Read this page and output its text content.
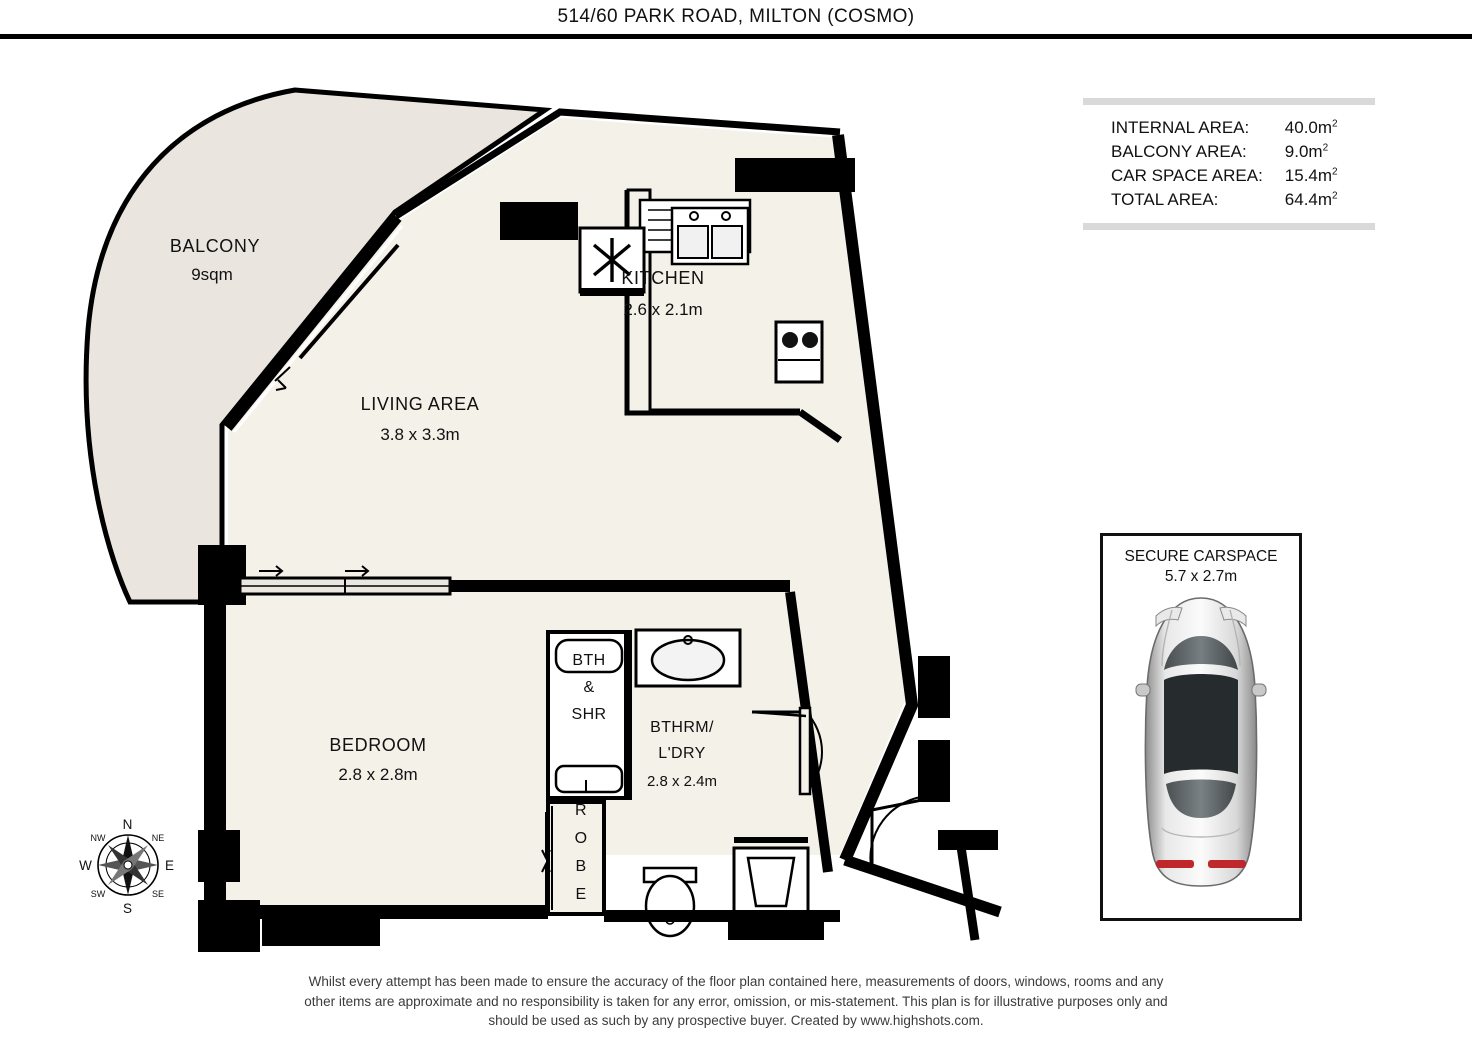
514/60 PARK ROAD, MILTON (COSMO)
BALCONY
9sqm
LIVING AREA
3.8 x 3.3m
KITCHEN
2.6 x 2.1m
BEDROOM
2.8 x 2.8m
BTHRM/
L'DRY
2.8 x 2.4m
BTH
&
SHR
R
O
B
E
N
S
E
W
NW	NE
SW	SE
INTERNAL AREA:	$40.0m^2$
BALCONY AREA:	$9.0m^2$
CAR SPACE AREA:	$15.4m^2$
TOTAL AREA:	$64.4m^2$
SECURE CARSPACE
5.7 x 2.7m
Whilst every attempt has been made to ensure the accuracy of the floor plan contained here, measurements of doors, windows, rooms and any
other items are approximate and no responsibility is taken for any error, omission, or mis-statement. This plan is for illustrative purposes only and
should be used as such by any prospective buyer. Created by www.highshots.com.
